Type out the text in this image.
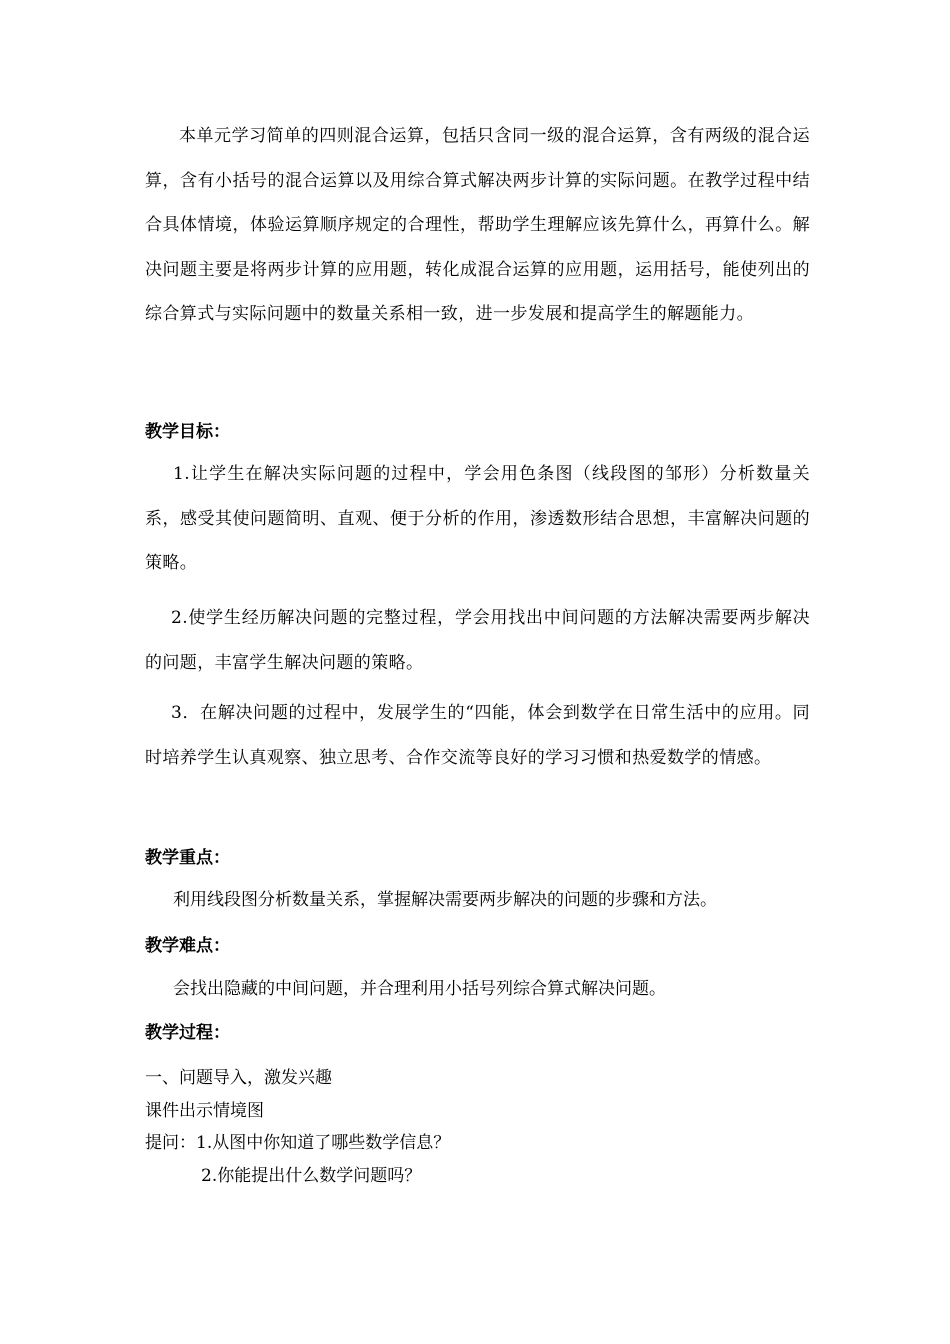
本单元学习简单的四则混合运算，包括只含同一级的混合运算，含有两级的混合运算，含有小括号的混合运算以及用综合算式解决两步计算的实际问题。在教学过程中结合具体情境，体验运算顺序规定的合理性，帮助学生理解应该先算什么，再算什么。解决问题主要是将两步计算的应用题，转化成混合运算的应用题，运用括号，能使列出的综合算式与实际问题中的数量关系相一致，进一步发展和提高学生的解题能力。

教学目标：

1.让学生在解决实际问题的过程中，学会用色条图（线段图的邹形）分析数量关系，感受其使问题简明、直观、便于分析的作用，渗透数形结合思想，丰富解决问题的策略。

2.使学生经历解决问题的完整过程，学会用找出中间问题的方法解决需要两步解决的问题，丰富学生解决问题的策略。

3．在解决问题的过程中，发展学生的“四能，体会到数学在日常生活中的应用。同时培养学生认真观察、独立思考、合作交流等良好的学习习惯和热爱数学的情感。

教学重点：

利用线段图分析数量关系，掌握解决需要两步解决的问题的步骤和方法。

教学难点：

会找出隐藏的中间问题，并合理利用小括号列综合算式解决问题。

教学过程：
一、问题导入，激发兴趣
课件出示情境图
提问：1.从图中你知道了哪些数学信息？
2.你能提出什么数学问题吗？
